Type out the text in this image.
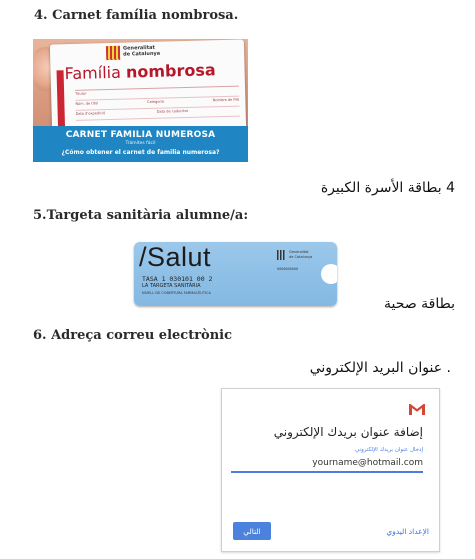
4. Carnet família nombrosa.
Generalitat
de Catalunya
Família nombrosa
Titular
Núm. de títol	Categoria	Nombre de fills
Data d'expedició	Data de caducitat
CARNET FAMILIA NUMEROSA
Trámites fácil
¿Cómo obtener el carnet de familia numerosa?
4 بطاقة الأسرة الكبيرة
5.Targeta sanitària alumne/a:
/Salut	Generalitat
de Catalunya
0000000000
TASA 1 030101 00 2
LA TARGETA SANITÀRIA
NIVELL DE COBERTURA FARMACÈUTICA
بطاقة صحية
6. Adreça correu electrònic
. عنوان البريد الإلكتروني
إضافة عنوان بريدك الإلكتروني
إدخال عنوان بريدك الإلكتروني
yourname@hotmail.com
الإعداد اليدوي
التالي
